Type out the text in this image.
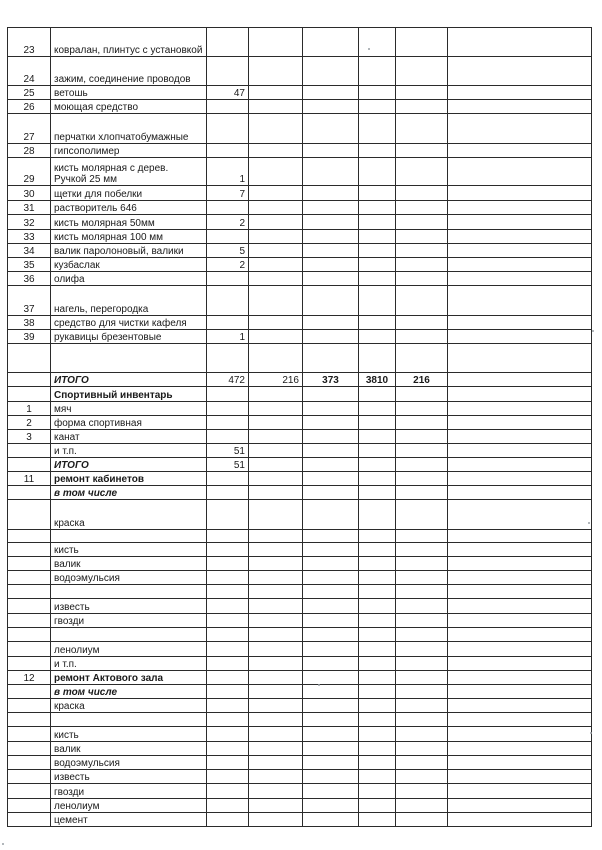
23	ковралан, плинтус с установкой						
24	зажим, соединение проводов						
25	ветошь	47					
26	моющая средство						
27	перчатки хлопчатобумажные						
28	гипсополимер						
29	кисть молярная с дерев. Ручкой 25 мм	1					
30	щетки для побелки	7					
31	растворитель 646						
32	кисть молярная 50мм	2					
33	кисть молярная 100 мм						
34	валик паролоновый, валики	5					
35	кузбаслак	2					
36	олифа						
37	нагель, перегородка						
38	средство для чистки кафеля						
39	рукавицы брезентовые	1					

	ИТОГО	472	216	373	3810	216	
	Спортивный инвентарь						
1	мяч						
2	форма спортивная						
3	канат						
	и т.п.	51					
	ИТОГО	51					
11	ремонт кабинетов						
	в том числе						
	краска						

	кисть						
	валик						
	водоэмульсия						

	известь						
	гвозди						

	ленолиум						
	и т.п.						
12	ремонт Актового зала						
	в том числе						
	краска						

	кисть						
	валик						
	водоэмульсия						
	известь						
	гвозди						
	ленолиум						
	цемент						
